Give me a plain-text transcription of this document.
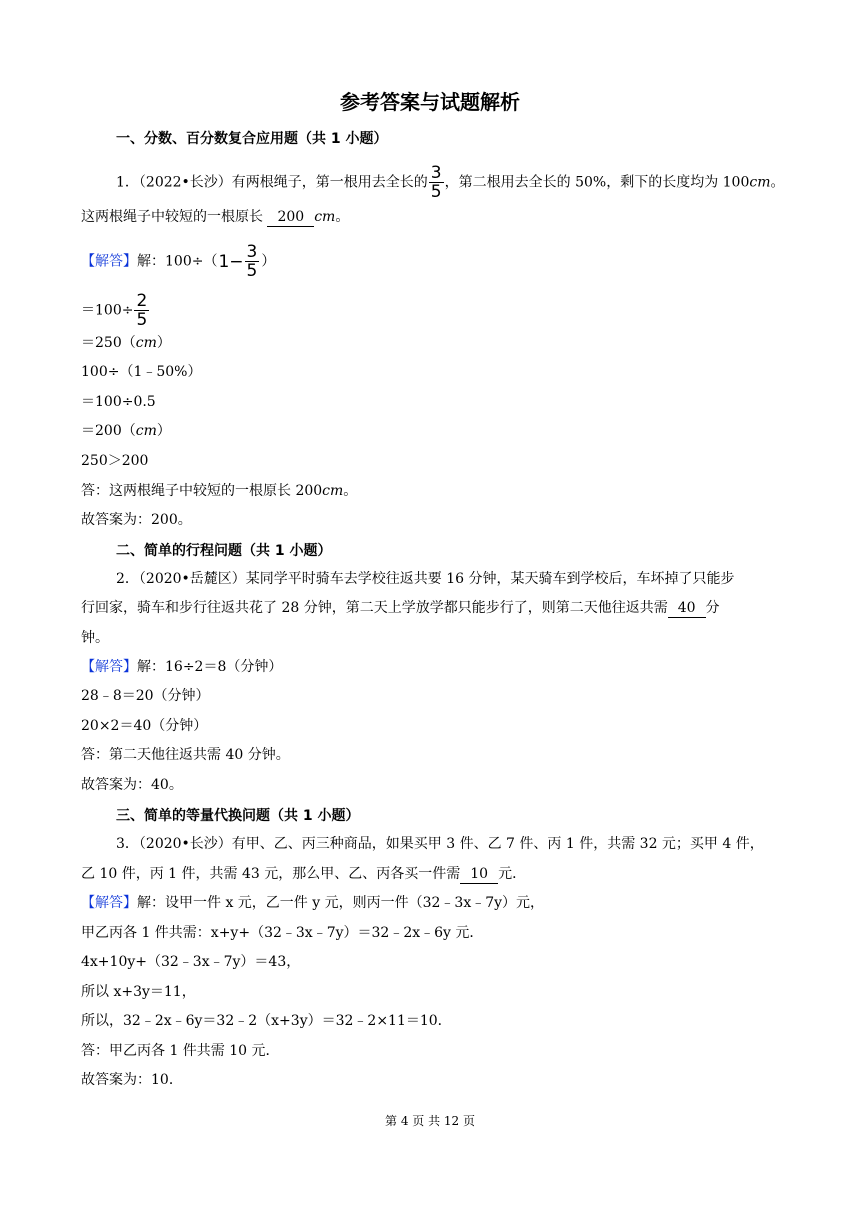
参考答案与试题解析
一、分数、百分数复合应用题（共 1 小题）
1．（2022•长沙）有两根绳子，第一根用去全长的 $\frac{3}{5}$ ，第二根用去全长的 50%，剩下的长度均为 100cm。
这两根绳子中较短的一根原长 200 cm。
【解答】解：100÷（ $1- \frac{3}{5}$ ）
$=100\div \frac{2}{5}$
＝250（cm）
100÷（1﹣50%）
＝100÷0.5
＝200（cm）
250＞200
答：这两根绳子中较短的一根原长 200cm。
故答案为：200。
二、简单的行程问题（共 1 小题）
2．（2020•岳麓区）某同学平时骑车去学校往返共要 16 分钟，某天骑车到学校后，车坏掉了只能步
行回家，骑车和步行往返共花了 28 分钟，第二天上学放学都只能步行了，则第二天他往返共需 40 分
钟。
【解答】解：16÷2＝8（分钟）
28﹣8＝20（分钟）
20×2＝40（分钟）
答：第二天他往返共需 40 分钟。
故答案为：40。
三、简单的等量代换问题（共 1 小题）
3．（2020•长沙）有甲、乙、丙三种商品，如果买甲 3 件、乙 7 件、丙 1 件，共需 32 元；买甲 4 件，
乙 10 件，丙 1 件，共需 43 元，那么甲、乙、丙各买一件需 10 元．
【解答】解：设甲一件 x 元，乙一件 y 元，则丙一件（32﹣3x﹣7y）元，
甲乙丙各 1 件共需：x+y+（32﹣3x﹣7y）＝32﹣2x﹣6y 元．
4x+10y+（32﹣3x﹣7y）＝43，
所以 x+3y＝11，
所以，32﹣2x﹣6y＝32﹣2（x+3y）＝32﹣2×11＝10．
答：甲乙丙各 1 件共需 10 元．
故答案为：10．
第 4 页 共 12 页
